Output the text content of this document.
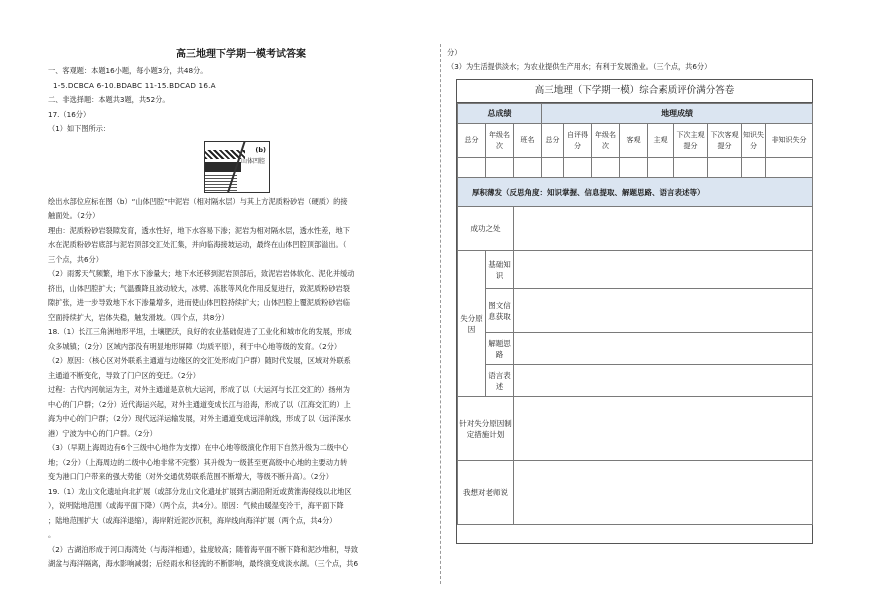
高三地理下学期一模考试答案

一、客观题：本题16小题，每小题3分，共48分。

1-5.DCBCA 6-10.BDABC 11-15.BDCAD 16.A

二、非选择题：本题共3题，共52分。

17.（16分）

（1）如下图所示：

(b)
山体凹腔

绘出水部位应标在图（b）“山体凹腔”中泥岩（相对隔水层）与其上方泥质粉砂岩（硬质）的接

触面处。（2分）

理由：泥质粉砂岩裂隙发育，透水性好，地下水容易下渗；泥岩为相对隔水层，透水性差，地下

水在泥质粉砂岩底部与泥岩顶部交汇处汇集，并向临海接坡运动，最终在山体凹腔顶部溢出。（

三个点，共6分）

（2）雨雾天气频繁，地下水下渗量大；地下水还移到泥岩顶部后，致泥岩岩体软化、泥化并缓动

挤出，山体凹腔扩大；气温骤降且波动较大，冰劈、冻胀等风化作用反复进行，致泥质粉砂岩裂

隙扩张，进一步导致地下水下渗量增多，进而使山体凹腔持续扩大；山体凹腔上覆泥质粉砂岩临

空面持续扩大，岩体失稳，触发滑坡。（四个点，共8分）

18.（1）长江三角洲地形平坦，土壤肥沃，良好的农业基础促进了工业化和城市化的发展，形成

众多城镇；（2分）区域内部没有明显地形屏障（均质平原），利于中心地等级的发育。（2分）

（2）原因：（核心区对外联系主通道与边缘区的交汇处形成门户群）随时代发展，区域对外联系

主通道不断变化，导致了门户区的变迁。（2分）

过程：古代内河航运为主，对外主通道是京杭大运河，形成了以（大运河与长江交汇的）扬州为

中心的门户群；（2分）近代海运兴起，对外主通道变成长江与沿海，形成了以（江海交汇的）上

海为中心的门户群；（2分）现代远洋运输发展，对外主通道变成远洋航线，形成了以（远洋深水

港）宁波为中心的门户群。（2分）

（3）（早期上海周边有6个三级中心地作为支撑）在中心地等级演化作用下自然升级为二级中心

地；（2分）（上海周边的二级中心地非常不完整）其升级为一级甚至更高级中心地的主要动力转

变为港口门户带来的强大势能（对外交通优势联系范围不断增大，等级不断升高）。（2分）

19.（1）龙山文化遗址向北扩展（或部分龙山文化遗址扩展到古湖沿附近或黄淮海侵线以北地区

），说明陆地范围（或海平面下降）（两个点，共4分）。原因：气候由暖湿变冷干，海平面下降

；陆地范围扩大（或海洋退缩），海岸附近泥沙沉积，海岸线向海洋扩展（两个点，共4分）

。

（2）古湖泊形成于河口海湾处（与海洋相通），盐度较高；随着海平面不断下降和泥沙堆积，导致

湖盆与海洋隔离，海水影响减弱；后经雨水和径流的不断影响，最终演变成淡水湖。（三个点，共6

分）

（3）为生活提供淡水；为农业提供生产用水；有利于发展渔业。（三个点，共6分）

高三地理（下学期一模）综合素质评价满分答卷
总成绩			地理成绩								
总分	年级名次	班名	总分	自评得分	年级名次	客观	主观	下次主观提分	下次客观提分	知识失分	非知识失分

厚积薄发（反思角度：知识掌握、信息提取、解题思路、语言表述等）											
成功之处											
失分原因	基础知识										
	图文信息获取										
	解题思路										
	语言表述										
针对失分原因制定措施计划											
我想对老师说											
